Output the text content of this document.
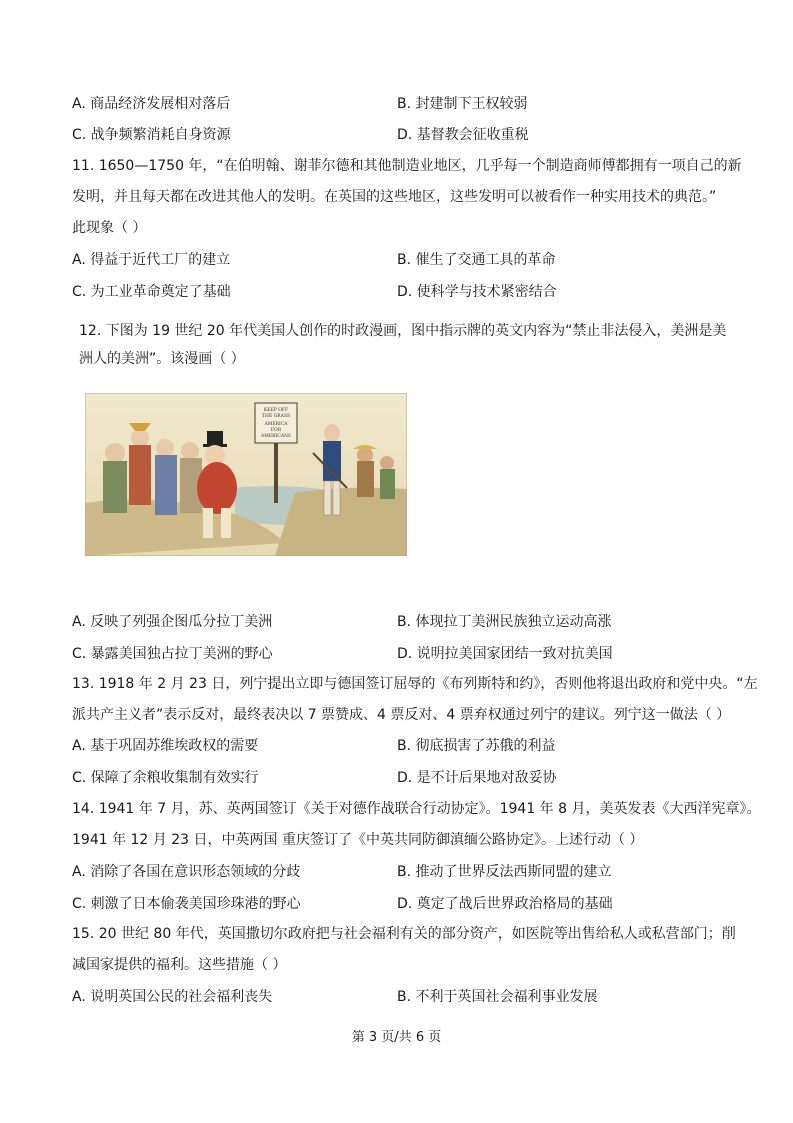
A. 商品经济发展相对落后	B. 封建制下王权较弱
C. 战争频繁消耗自身资源	D. 基督教会征收重税
11. 1650—1750 年，“在伯明翰、谢菲尔德和其他制造业地区，几乎每一个制造商师傅都拥有一项自己的新
发明，并且每天都在改进其他人的发明。在英国的这些地区，这些发明可以被看作一种实用技术的典范。”
此现象（ ）
A. 得益于近代工厂的建立	B. 催生了交通工具的革命
C. 为工业革命奠定了基础	D. 使科学与技术紧密结合
12. 下图为 19 世纪 20 年代美国人创作的时政漫画，图中指示牌的英文内容为“禁止非法侵入，美洲是美
洲人的美洲”。该漫画（ ）
KEEP OFF
THE GRASS
AMERICA
FOR
AMERICANS
A. 反映了列强企图瓜分拉丁美洲	B. 体现拉丁美洲民族独立运动高涨
C. 暴露美国独占拉丁美洲的野心	D. 说明拉美国家团结一致对抗美国
13. 1918 年 2 月 23 日，列宁提出立即与德国签订屈辱的《布列斯特和约》，否则他将退出政府和党中央。“左
派共产主义者”表示反对，最终表决以 7 票赞成、4 票反对、4 票弃权通过列宁的建议。列宁这一做法（ ）
A. 基于巩固苏维埃政权的需要	B. 彻底损害了苏俄的利益
C. 保障了余粮收集制有效实行	D. 是不计后果地对敌妥协
14. 1941 年 7 月，苏、英两国签订《关于对德作战联合行动协定》。1941 年 8 月，美英发表《大西洋宪章》。
1941 年 12 月 23 日，中英两国 重庆签订了《中英共同防御滇缅公路协定》。上述行动（ ）
A. 消除了各国在意识形态领域的分歧	B. 推动了世界反法西斯同盟的建立
C. 刺激了日本偷袭美国珍珠港的野心	D. 奠定了战后世界政治格局的基础
15. 20 世纪 80 年代，英国撒切尔政府把与社会福利有关的部分资产，如医院等出售给私人或私营部门；削
减国家提供的福利。这些措施（ ）
A. 说明英国公民的社会福利丧失	B. 不利于英国社会福利事业发展
第 3 页/共 6 页
